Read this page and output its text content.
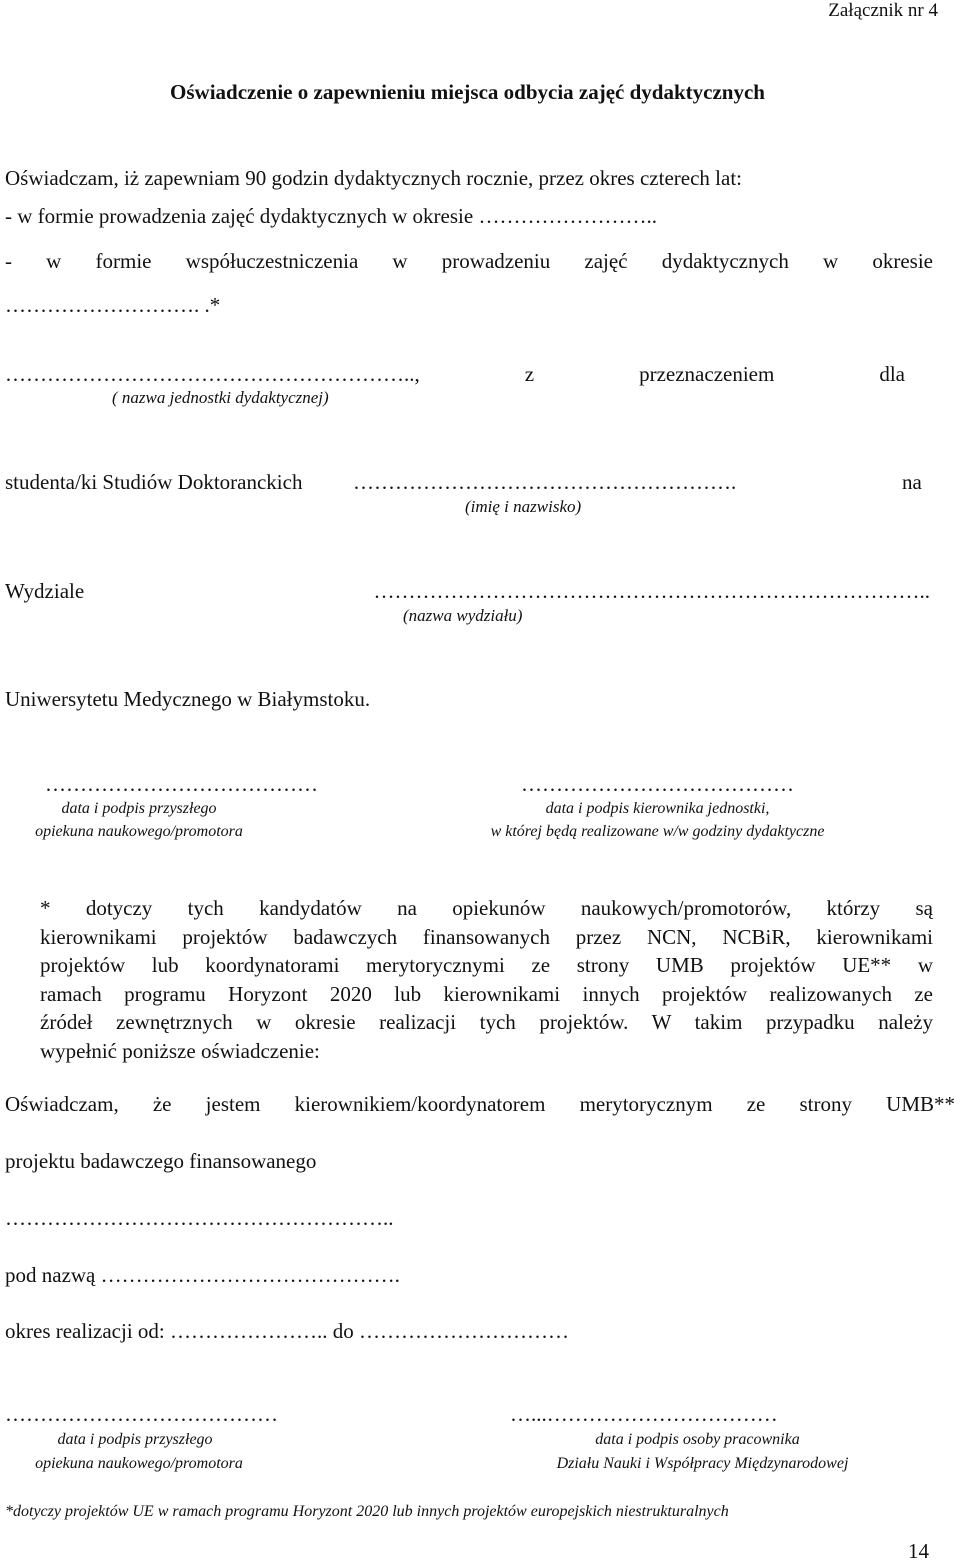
Załącznik nr 4
Oświadczenie o zapewnieniu miejsca odbycia zajęć dydaktycznych
Oświadczam, iż zapewniam 90 godzin dydaktycznych rocznie, przez okres czterech lat:
- w formie prowadzenia zajęć dydaktycznych w okresie ……………………..
- w formie współuczestniczenia w prowadzeniu zajęć dydaktycznych w okresie
………………………. .*
………………………………………………….., z przeznaczeniem dla
( nazwa jednostki dydaktycznej)
studenta/ki Studiów Doktoranckich ……………………………………………….	na
(imię i nazwisko)
Wydziale ……………………………………………………………………..
(nazwa wydziału)
Uniwersytetu Medycznego w Białymstoku.
…………………………………
data i podpis przyszłego
opiekuna naukowego/promotora
…………………………………
data i podpis kierownika jednostki,
w której będą realizowane w/w godziny dydaktyczne
* dotyczy tych kandydatów na opiekunów naukowych/promotorów, którzy są
kierownikami projektów badawczych finansowanych przez NCN, NCBiR, kierownikami
projektów lub koordynatorami merytorycznymi ze strony UMB projektów UE** w
ramach programu Horyzont 2020 lub kierownikami innych projektów realizowanych ze
źródeł zewnętrznych w okresie realizacji tych projektów. W takim przypadku należy
wypełnić poniższe oświadczenie:
Oświadczam, że jestem kierownikiem/koordynatorem merytorycznym ze strony UMB**
projektu badawczego finansowanego
………………………………………………..
pod nazwą …………………………………….
okres realizacji od: ………………….. do …………………………
…………………………………
data i podpis przyszłego
opiekuna naukowego/promotora
…...……………………………
data i podpis osoby pracownika
Działu Nauki i Współpracy Międzynarodowej
*dotyczy projektów UE w ramach programu Horyzont 2020 lub innych projektów europejskich niestrukturalnych
14
